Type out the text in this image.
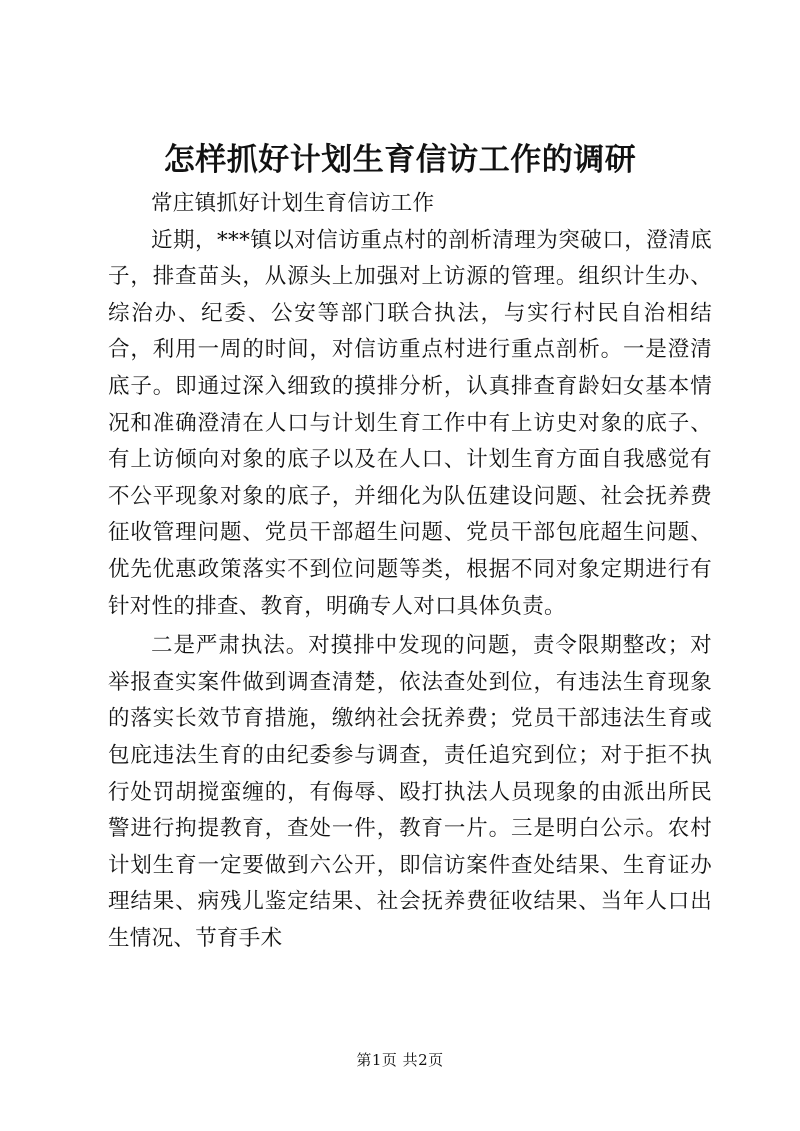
怎样抓好计划生育信访工作的调研

常庄镇抓好计划生育信访工作

近期，***镇以对信访重点村的剖析清理为突破口，澄清底子，排查苗头，从源头上加强对上访源的管理。组织计生办、综治办、纪委、公安等部门联合执法，与实行村民自治相结合，利用一周的时间，对信访重点村进行重点剖析。一是澄清底子。即通过深入细致的摸排分析，认真排查育龄妇女基本情况和准确澄清在人口与计划生育工作中有上访史对象的底子、有上访倾向对象的底子以及在人口、计划生育方面自我感觉有不公平现象对象的底子，并细化为队伍建设问题、社会抚养费征收管理问题、党员干部超生问题、党员干部包庇超生问题、优先优惠政策落实不到位问题等类，根据不同对象定期进行有针对性的排查、教育，明确专人对口具体负责。

二是严肃执法。对摸排中发现的问题，责令限期整改；对举报查实案件做到调查清楚，依法查处到位，有违法生育现象的落实长效节育措施，缴纳社会抚养费；党员干部违法生育或包庇违法生育的由纪委参与调查，责任追究到位；对于拒不执行处罚胡搅蛮缠的，有侮辱、殴打执法人员现象的由派出所民警进行拘提教育，查处一件，教育一片。三是明白公示。农村计划生育一定要做到六公开，即信访案件查处结果、生育证办理结果、病残儿鉴定结果、社会抚养费征收结果、当年人口出生情况、节育手术

第1页 共2页
